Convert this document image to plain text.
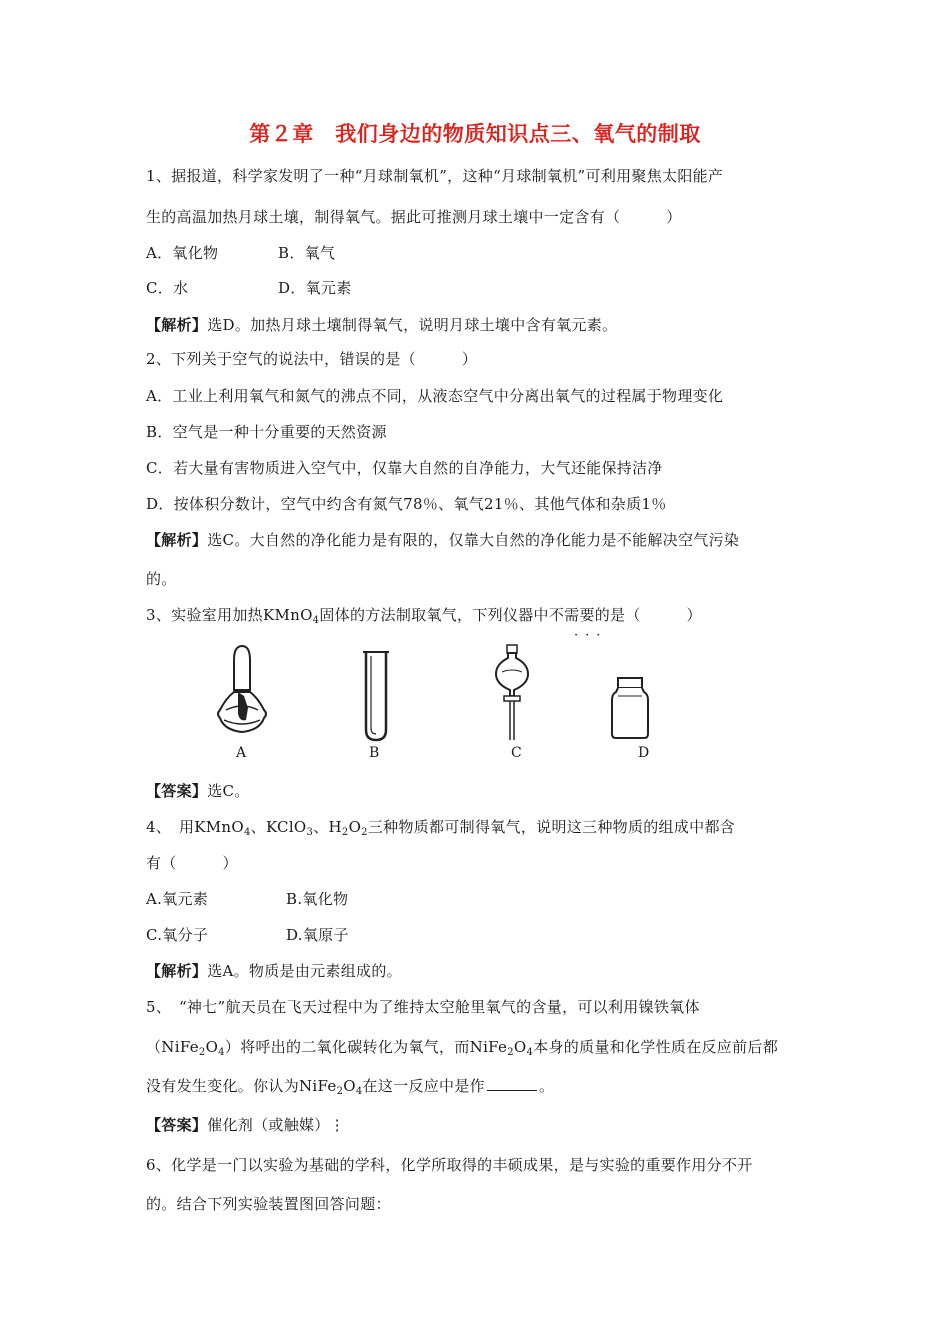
第２章　我们身边的物质知识点三、氧气的制取
1、据报道，科学家发明了一种“月球制氧机”，这种“月球制氧机”可利用聚焦太阳能产
生的高温加热月球土壤，制得氧气。据此可推测月球土壤中一定含有（　　　）
A．氧化物	B．氧气
C．水	D．氧元素
【解析】选D。加热月球土壤制得氧气，说明月球土壤中含有氧元素。
2、下列关于空气的说法中，错误的是（　　　）
A．工业上利用氧气和氮气的沸点不同，从液态空气中分离出氧气的过程属于物理变化
B．空气是一种十分重要的天然资源
C．若大量有害物质进入空气中，仅靠大自然的自净能力，大气还能保持洁净
D．按体积分数计，空气中约含有氮气78％、氧气21％、其他气体和杂质1％
【解析】选C。大自然的净化能力是有限的，仅靠大自然的净化能力是不能解决空气污染
的。
3、实验室用加热KMnO$_4$固体的方法制取氧气，下列仪器中不需要的是（　　　）
···
A	B	C	D
【答案】选C。
4、　用KMnO$_4$、KClO$_3$、$H_2O_2$三种物质都可制得氧气，说明这三种物质的组成中都含
有（　　　）
A.氧元素	B.氧化物
C.氧分子	D.氧原子
【解析】选A。物质是由元素组成的。
5、　“神七”航天员在飞天过程中为了维持太空舱里氧气的含量，可以利用镍铁氧体
$(NiFe_2O_4)$将呼出的二氧化碳转化为氧气，而$NiFe_2O_4$本身的质量和化学性质在反应前后都
没有发生变化。你认为$NiFe_2O_4$在这一反应中是作	。
【答案】催化剂（或触媒）⋮
6、化学是一门以实验为基础的学科，化学所取得的丰硕成果，是与实验的重要作用分不开
的。结合下列实验装置图回答问题：
